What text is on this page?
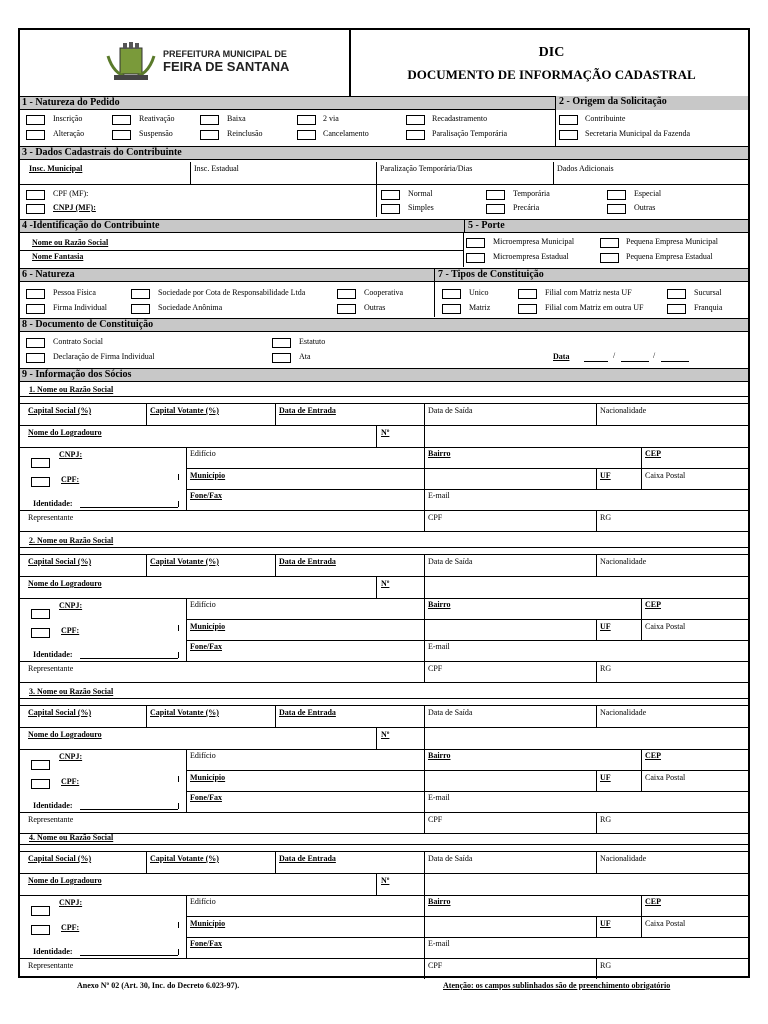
PREFEITURA MUNICIPAL DE
FEIRA DE SANTANA
DIC
DOCUMENTO DE INFORMAÇÃO CADASTRAL
1 - Natureza do Pedido	2 - Origem da Solicitação
Inscrição	Reativação	Baixa	2 via	Recadastramento
Alteração	Suspensão	Reinclusão	Cancelamento	Paralisação Temporária
Contribuinte
Secretaria Municipal da Fazenda
3 - Dados Cadastrais do Contribuinte
Insc. Municipal	Insc. Estadual	Paralização Temporária/Dias	Dados Adicionais
CPF (MF):
CNPJ (MF):
Normal
Simples
Temporária
Precária
Especial
Outras
4 -Identificação do Contribuinte	5 - Porte
Nome ou Razão Social
Nome Fantasia
Microempresa Municipal
Microempresa Estadual
Pequena Empresa Municipal
Pequena Empresa Estadual
6 - Natureza	7 - Tipos de Constituição
Pessoa Física
Firma Individual
Sociedade por Cota de Responsabilidade Ltda
Sociedade Anônima
Cooperativa
Outras
Unico
Matriz
Filial com Matriz nesta UF
Filial com Matriz em outra UF
Sucursal
Franquia
8 - Documento de Constituição
Contrato Social
Declaração de Firma Individual
Estatuto
Ata	Data	/	/
9 - Informação dos Sócios
1. Nome ou Razão Social
Capital Social (%)	Capital Votante (%)	Data de Entrada	Data de Saída	Nacionalidade
Nome do Logradouro	Nº
CNPJ:
CPF:
Identidade:
Edifício	Bairro	CEP
Município	UF	Caixa Postal
Fone/Fax	E-mail
Representante	CPF	RG
2. Nome ou Razão Social
Capital Social (%)	Capital Votante (%)	Data de Entrada	Data de Saída	Nacionalidade
Nome do Logradouro	Nº
CNPJ:
CPF:
Identidade:
Edifício	Bairro	CEP
Município	UF	Caixa Postal
Fone/Fax	E-mail
Representante	CPF	RG
3. Nome ou Razão Social
Capital Social (%)	Capital Votante (%)	Data de Entrada	Data de Saída	Nacionalidade
Nome do Logradouro	Nº
CNPJ:
CPF:
Identidade:
Edifício	Bairro	CEP
Município	UF	Caixa Postal
Fone/Fax	E-mail
Representante	CPF	RG
4. Nome ou Razão Social
Capital Social (%)	Capital Votante (%)	Data de Entrada	Data de Saída	Nacionalidade
Nome do Logradouro	Nº
CNPJ:
CPF:
Identidade:
Edifício	Bairro	CEP
Município	UF	Caixa Postal
Fone/Fax	E-mail
Representante	CPF	RG
Anexo Nº 02 (Art. 30, Inc. do Decreto 6.023-97).	Atenção: os campos sublinhados são de preenchimento obrigatório
